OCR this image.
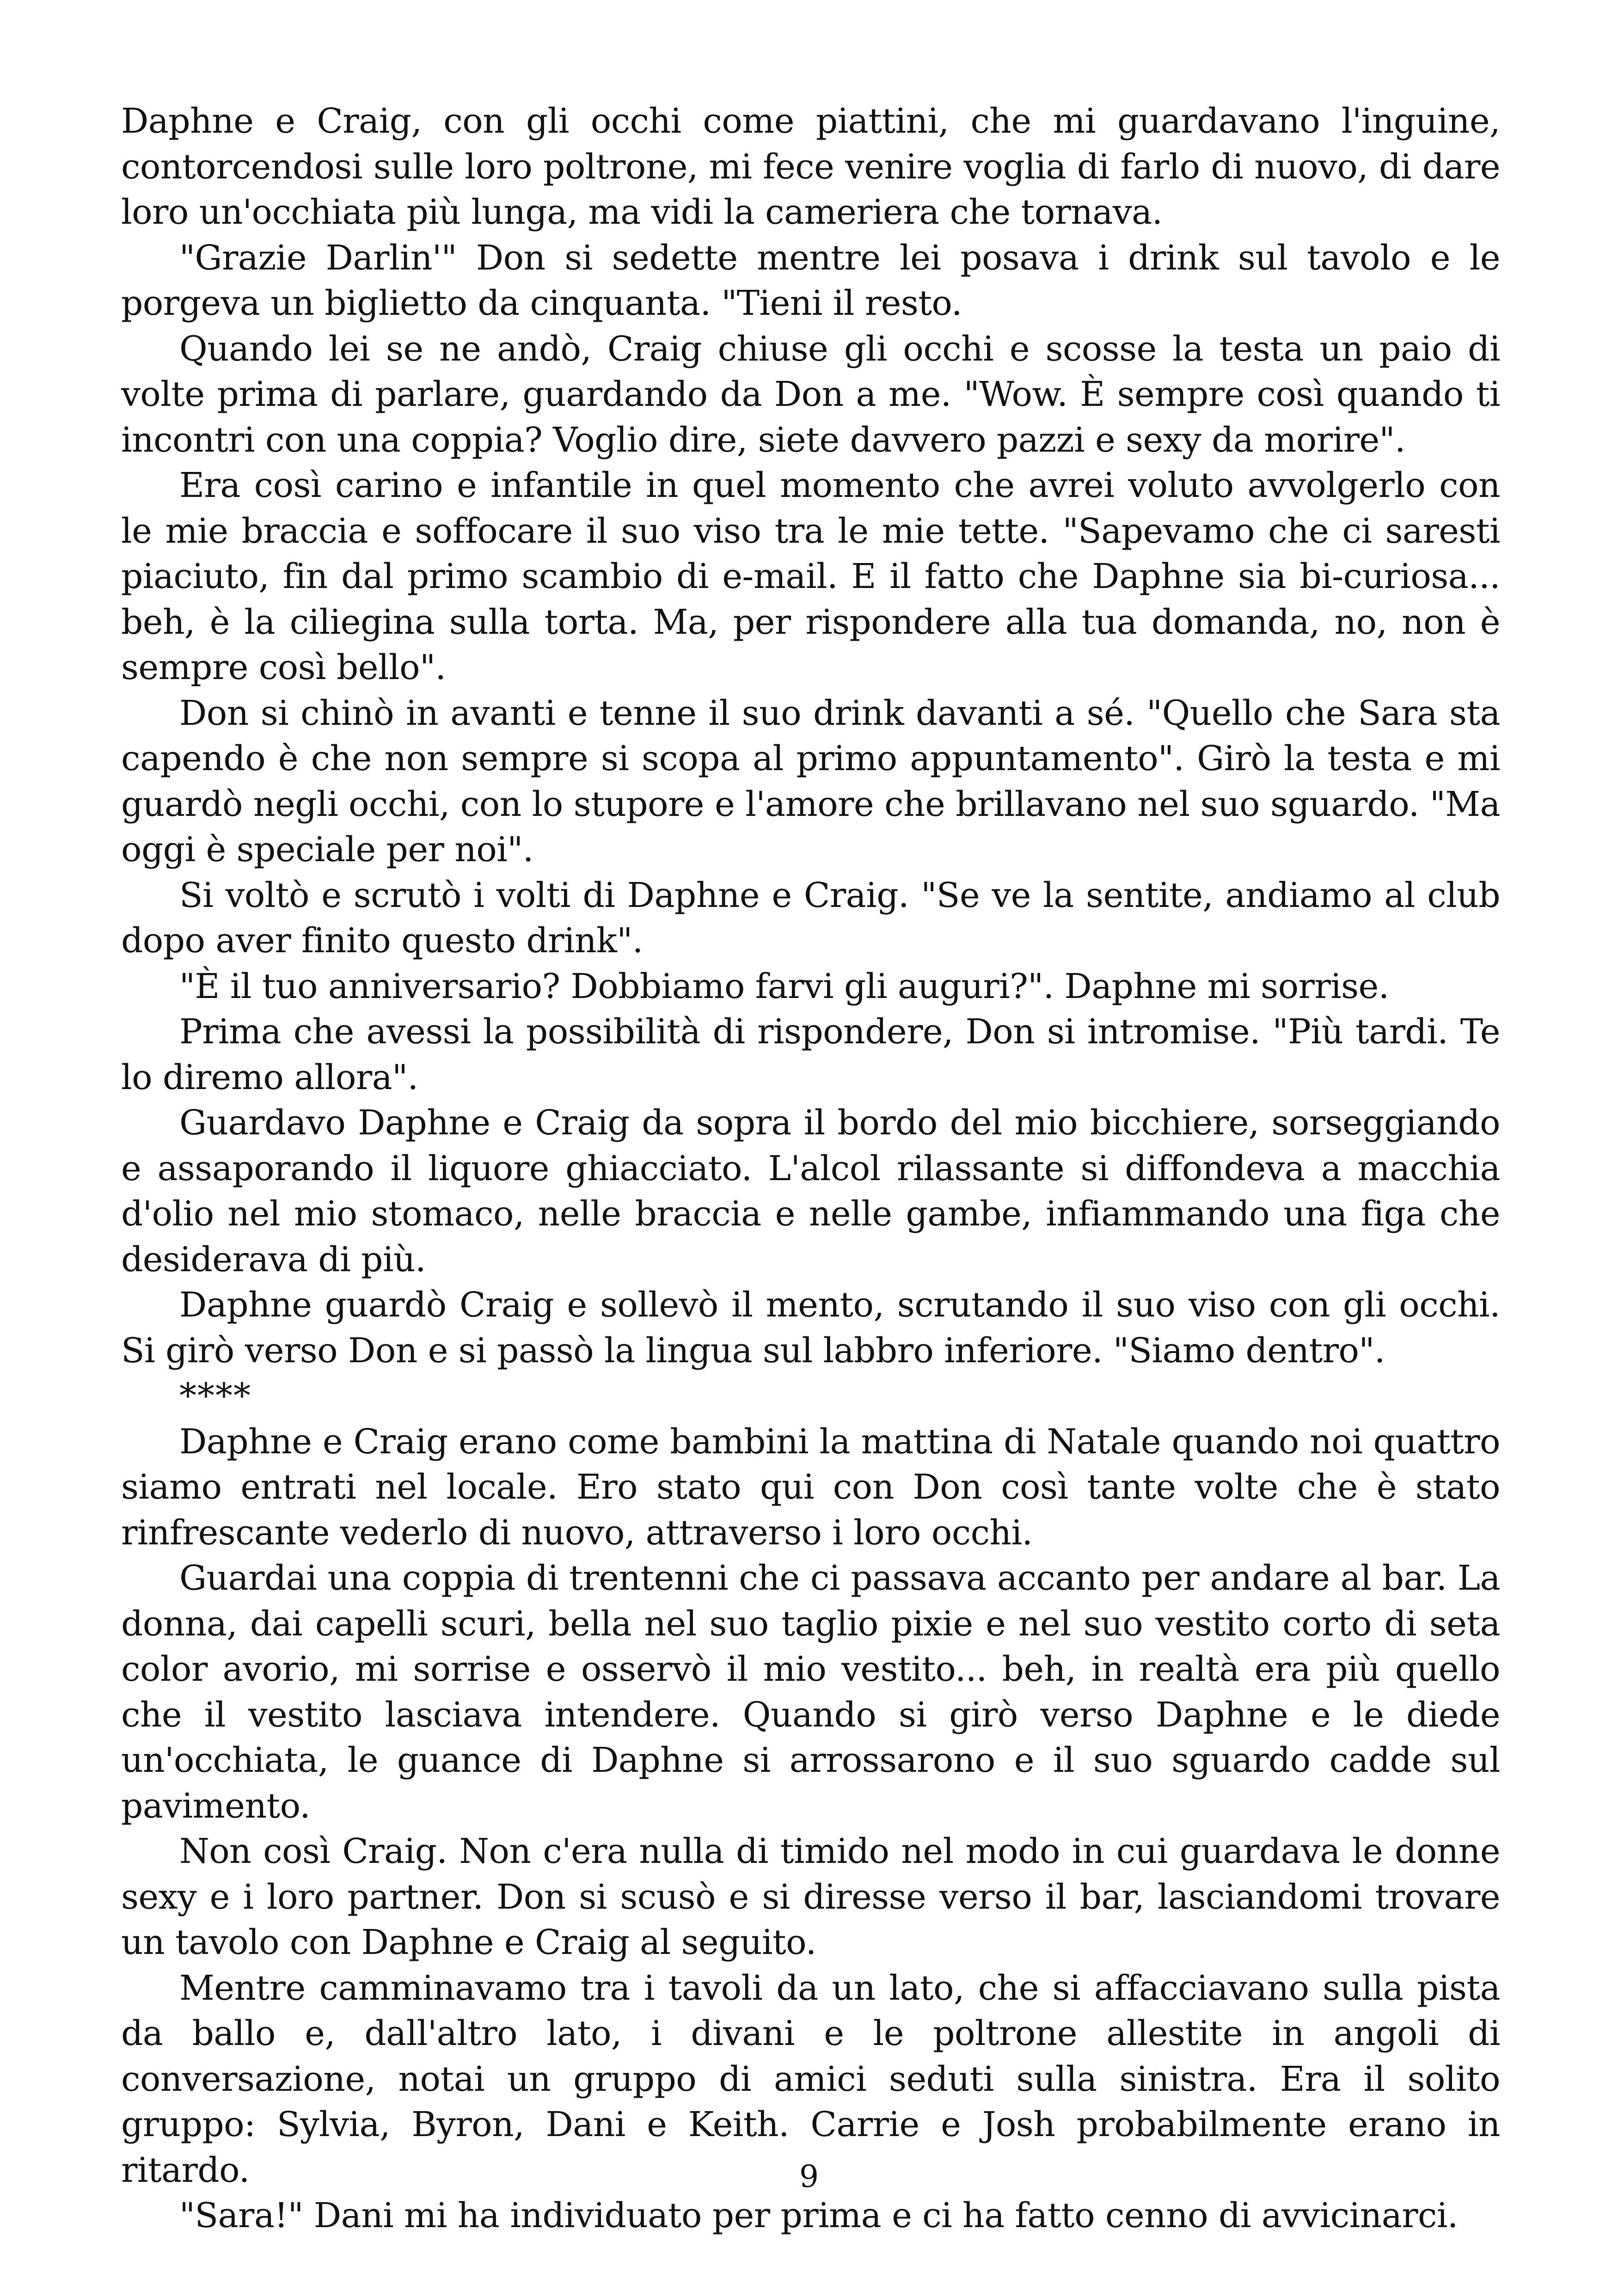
Daphne e Craig, con gli occhi come piattini, che mi guardavano l'inguine, contorcendosi sulle loro poltrone, mi fece venire voglia di farlo di nuovo, di dare loro un'occhiata più lunga, ma vidi la cameriera che tornava.

"Grazie Darlin'" Don si sedette mentre lei posava i drink sul tavolo e le porgeva un biglietto da cinquanta. "Tieni il resto.

Quando lei se ne andò, Craig chiuse gli occhi e scosse la testa un paio di volte prima di parlare, guardando da Don a me. "Wow. È sempre così quando ti incontri con una coppia? Voglio dire, siete davvero pazzi e sexy da morire".

Era così carino e infantile in quel momento che avrei voluto avvolgerlo con le mie braccia e soffocare il suo viso tra le mie tette. "Sapevamo che ci saresti piaciuto, fin dal primo scambio di e-mail. E il fatto che Daphne sia bi-curiosa... beh, è la ciliegina sulla torta. Ma, per rispondere alla tua domanda, no, non è sempre così bello".

Don si chinò in avanti e tenne il suo drink davanti a sé. "Quello che Sara sta capendo è che non sempre si scopa al primo appuntamento". Girò la testa e mi guardò negli occhi, con lo stupore e l'amore che brillavano nel suo sguardo. "Ma oggi è speciale per noi".

Si voltò e scrutò i volti di Daphne e Craig. "Se ve la sentite, andiamo al club dopo aver finito questo drink".

"È il tuo anniversario? Dobbiamo farvi gli auguri?". Daphne mi sorrise.

Prima che avessi la possibilità di rispondere, Don si intromise. "Più tardi. Te lo diremo allora".

Guardavo Daphne e Craig da sopra il bordo del mio bicchiere, sorseggiando e assaporando il liquore ghiacciato. L'alcol rilassante si diffondeva a macchia d'olio nel mio stomaco, nelle braccia e nelle gambe, infiammando una figa che desiderava di più.

Daphne guardò Craig e sollevò il mento, scrutando il suo viso con gli occhi. Si girò verso Don e si passò la lingua sul labbro inferiore. "Siamo dentro".

****

Daphne e Craig erano come bambini la mattina di Natale quando noi quattro siamo entrati nel locale. Ero stato qui con Don così tante volte che è stato rinfrescante vederlo di nuovo, attraverso i loro occhi.

Guardai una coppia di trentenni che ci passava accanto per andare al bar. La donna, dai capelli scuri, bella nel suo taglio pixie e nel suo vestito corto di seta color avorio, mi sorrise e osservò il mio vestito... beh, in realtà era più quello che il vestito lasciava intendere. Quando si girò verso Daphne e le diede un'occhiata, le guance di Daphne si arrossarono e il suo sguardo cadde sul pavimento.

Non così Craig. Non c'era nulla di timido nel modo in cui guardava le donne sexy e i loro partner. Don si scusò e si diresse verso il bar, lasciandomi trovare un tavolo con Daphne e Craig al seguito.

Mentre camminavamo tra i tavoli da un lato, che si affacciavano sulla pista da ballo e, dall'altro lato, i divani e le poltrone allestite in angoli di conversazione, notai un gruppo di amici seduti sulla sinistra. Era il solito gruppo: Sylvia, Byron, Dani e Keith. Carrie e Josh probabilmente erano in ritardo.

"Sara!" Dani mi ha individuato per prima e ci ha fatto cenno di avvicinarci.

9
